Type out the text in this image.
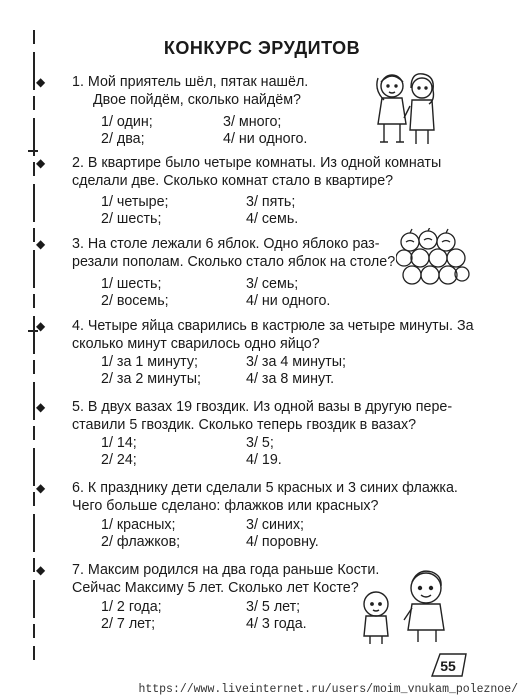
КОНКУРС ЭРУДИТОВ
◆ 1. Мой приятель шёл, пятак нашёл.
Двое пойдём, сколько найдём?
1/ один;	3/ много;
2/ два;	4/ ни одного.
◆ 2. В квартире было четыре комнаты. Из одной комнаты
сделали две. Сколько комнат стало в квартире?
1/ четыре;	3/ пять;
2/ шесть;	4/ семь.
◆ 3. На столе лежали 6 яблок. Одно яблоко раз-
резали пополам. Сколько стало яблок на столе?
1/ шесть;	3/ семь;
2/ восемь;	4/ ни одного.
◆ 4. Четыре яйца сварились в кастрюле за четыре минуты. За
сколько минут сварилось одно яйцо?
1/ за 1 минуту;	3/ за 4 минуты;
2/ за 2 минуты;	4/ за 8 минут.
◆ 5. В двух вазах 19 гвоздик. Из одной вазы в другую пере-
ставили 5 гвоздик. Сколько теперь гвоздик в вазах?
1/ 14;	3/ 5;
2/ 24;	4/ 19.
◆ 6. К празднику дети сделали 5 красных и 3 синих флажка.
Чего больше сделано: флажков или красных?
1/ красных;	3/ синих;
2/ флажков;	4/ поровну.
◆ 7. Максим родился на два года раньше Кости.
Сейчас Максиму 5 лет. Сколько лет Косте?
1/ 2 года;	3/ 5 лет;
2/ 7 лет;	4/ 3 года.
55
https://www.liveinternet.ru/users/moim_vnukam_poleznoe/
